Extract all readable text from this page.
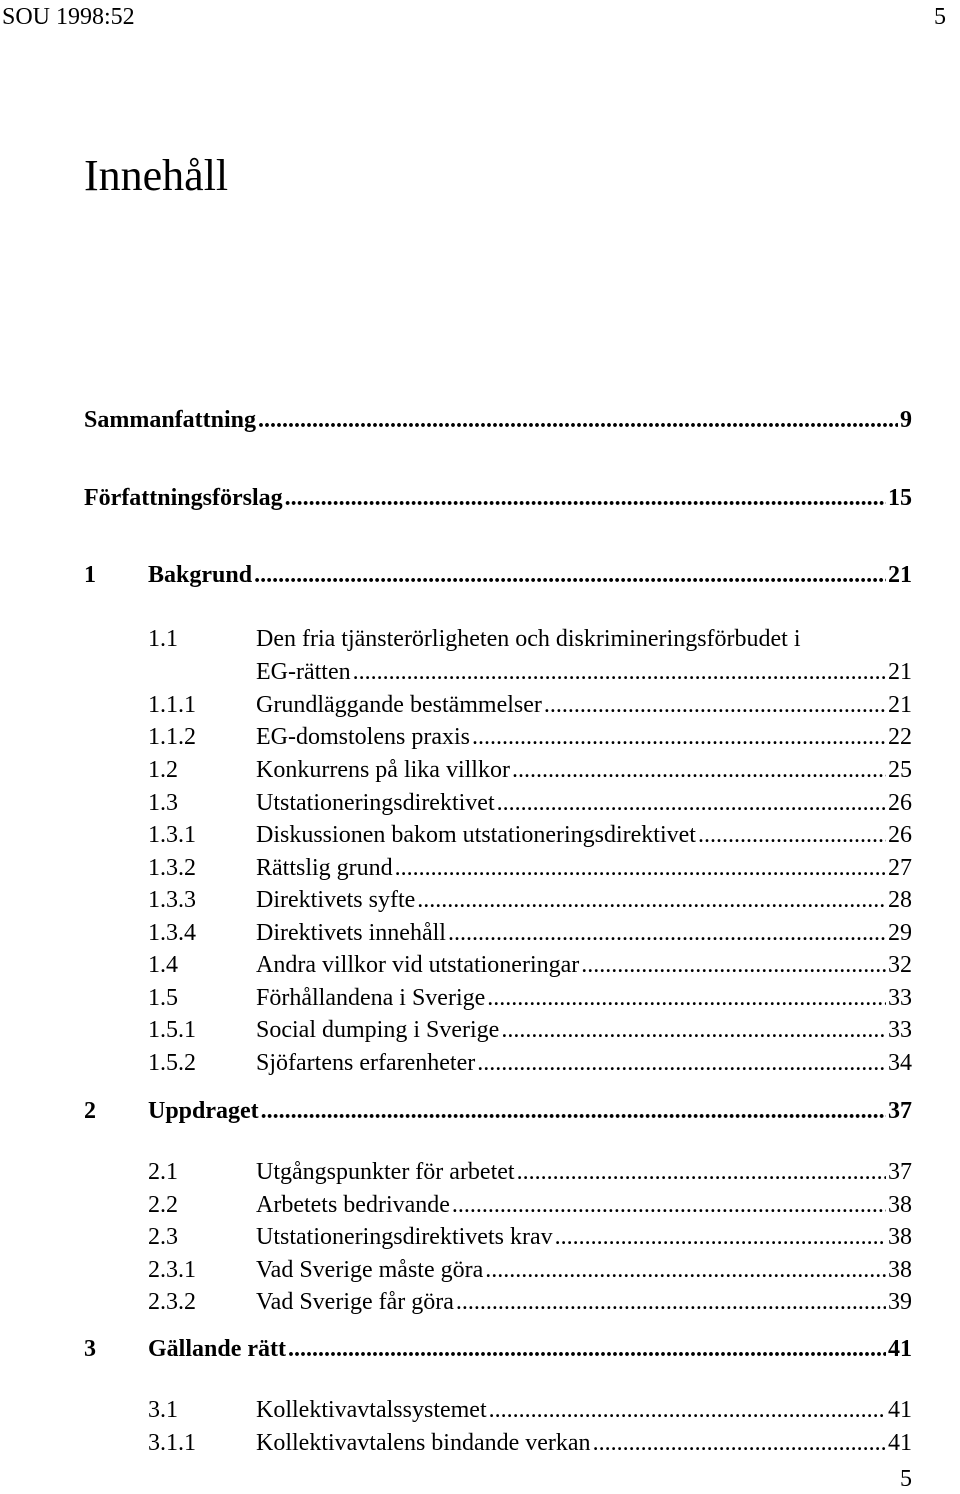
SOU 1998:52	5
Innehåll
Sammanfattning .....	9
Författningsförslag .....	15
1	Bakgrund .....	21
1.1	Den fria tjänsterörligheten och diskrimineringsförbudet i
EG-rätten .....	21
1.1.1	Grundläggande bestämmelser .....	21
1.1.2	EG-domstolens praxis .....	22
1.2	Konkurrens på lika villkor .....	25
1.3	Utstationeringsdirektivet .....	26
1.3.1	Diskussionen bakom utstationeringsdirektivet .....	26
1.3.2	Rättslig grund .....	27
1.3.3	Direktivets syfte .....	28
1.3.4	Direktivets innehåll .....	29
1.4	Andra villkor vid utstationeringar .....	32
1.5	Förhållandena i Sverige .....	33
1.5.1	Social dumping i Sverige .....	33
1.5.2	Sjöfartens erfarenheter .....	34
2	Uppdraget .....	37
2.1	Utgångspunkter för arbetet .....	37
2.2	Arbetets bedrivande .....	38
2.3	Utstationeringsdirektivets krav .....	38
2.3.1	Vad Sverige måste göra .....	38
2.3.2	Vad Sverige får göra .....	39
3	Gällande rätt .....	41
3.1	Kollektivavtalssystemet .....	41
3.1.1	Kollektivavtalens bindande verkan .....	41
5
